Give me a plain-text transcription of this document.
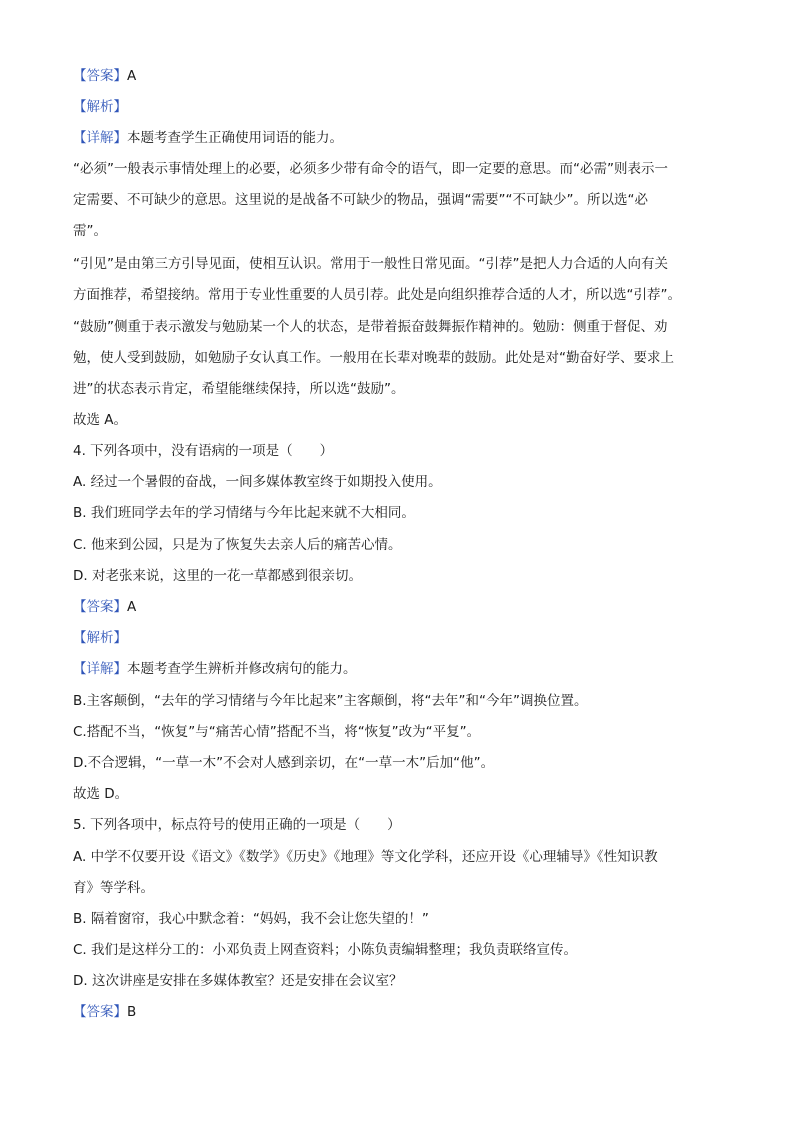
【答案】A
【解析】
【详解】本题考查学生正确使用词语的能力。
“必须”一般表示事情处理上的必要，必须多少带有命令的语气，即一定要的意思。而“必需”则表示一
定需要、不可缺少的意思。这里说的是战备不可缺少的物品，强调“需要”“不可缺少”。所以选“必
需”。
“引见”是由第三方引导见面，使相互认识。常用于一般性日常见面。“引荐”是把人力合适的人向有关
方面推荐，希望接纳。常用于专业性重要的人员引荐。此处是向组织推荐合适的人才，所以选“引荐”。
“鼓励”侧重于表示激发与勉励某一个人的状态，是带着振奋鼓舞振作精神的。勉励：侧重于督促、劝
勉，使人受到鼓励，如勉励子女认真工作。一般用在长辈对晚辈的鼓励。此处是对“勤奋好学、要求上
进”的状态表示肯定，希望能继续保持，所以选“鼓励”。
故选 A。
4. 下列各项中，没有语病的一项是（　　）
A. 经过一个暑假的奋战，一间多媒体教室终于如期投入使用。
B. 我们班同学去年的学习情绪与今年比起来就不大相同。
C. 他来到公园，只是为了恢复失去亲人后的痛苦心情。
D. 对老张来说，这里的一花一草都感到很亲切。
【答案】A
【解析】
【详解】本题考查学生辨析并修改病句的能力。
B.主客颠倒，“去年的学习情绪与今年比起来”主客颠倒，将“去年”和“今年”调换位置。
C.搭配不当，“恢复”与“痛苦心情”搭配不当，将“恢复”改为“平复”。
D.不合逻辑，“一草一木”不会对人感到亲切，在“一草一木”后加“他”。
故选 D。
5. 下列各项中，标点符号的使用正确的一项是（　　）
A. 中学不仅要开设《语文》《数学》《历史》《地理》等文化学科，还应开设《心理辅导》《性知识教
育》等学科。
B. 隔着窗帘，我心中默念着：“妈妈，我不会让您失望的！”
C. 我们是这样分工的：小邓负责上网查资料；小陈负责编辑整理；我负责联络宣传。
D. 这次讲座是安排在多媒体教室？还是安排在会议室？
【答案】B
